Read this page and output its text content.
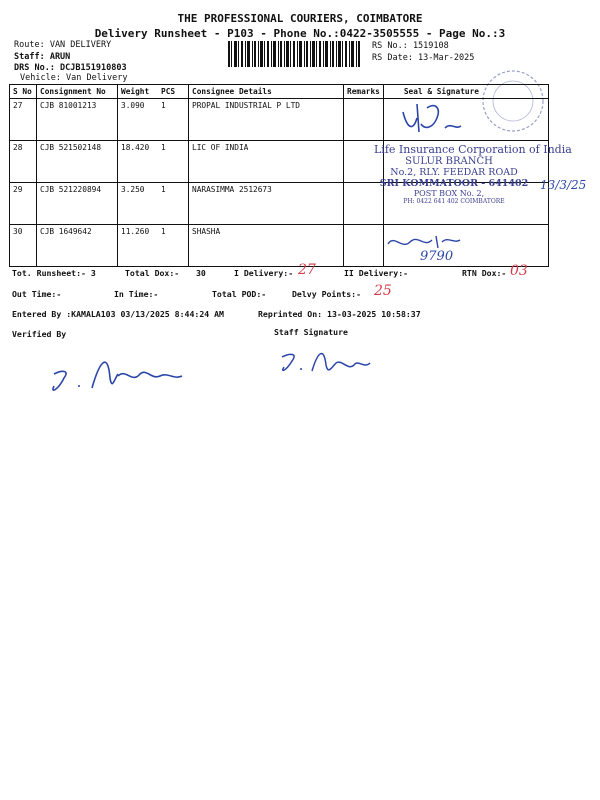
THE PROFESSIONAL COURIERS, COIMBATORE
Delivery Runsheet - P103 - Phone No.:0422-3505555 - Page No.:3
Route: VAN DELIVERY
Staff: ARUN
DRS No.: DCJB151910803
Vehicle: Van Delivery
RS No.: 1519108
RS Date: 13-Mar-2025
S No	Consignment No	Weight	PCS	Consignee Details	Remarks	Seal & Signature
27	CJB 81001213	3.090	1	PROPAL INDUSTRIAL P LTD		
28	CJB 521502148	18.420	1	LIC OF INDIA		
29	CJB 521220894	3.250	1	NARASIMMA 2512673		
30	CJB 1649642	11.260	1	SHASHA		
Life Insurance Corporation of India
SULUR BRANCH
No.2, RLY. FEEDAR ROAD
SRI KOMMATOOR - 641402
POST BOX No. 2,
PH: 0422 641 402 COIMBATORE
13/3/25
9790
Tot. Runsheet:- 3	Total Dox:- 30	I Delivery:- 27	II Delivery:-	RTN Dox:- 03
Out Time:-	In Time:-	Total POD:-	Delvy Points:- 25
Entered By :KAMALA103 03/13/2025 8:44:24 AM	Reprinted On: 13-03-2025 10:58:37
Verified By	Staff Signature
